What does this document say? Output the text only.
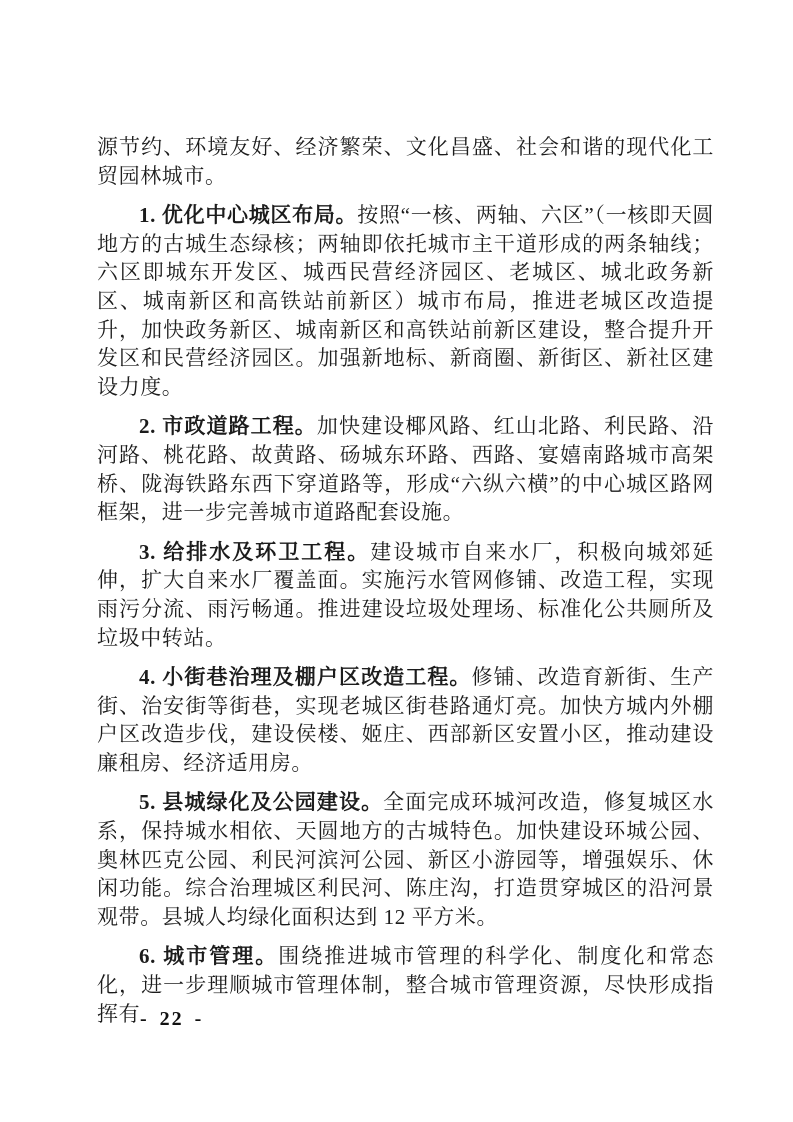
源节约、环境友好、经济繁荣、文化昌盛、社会和谐的现代化工贸园林城市。

1. 优化中心城区布局。按照“一核、两轴、六区”（一核即天圆地方的古城生态绿核；两轴即依托城市主干道形成的两条轴线；六区即城东开发区、城西民营经济园区、老城区、城北政务新区、城南新区和高铁站前新区）城市布局，推进老城区改造提升，加快政务新区、城南新区和高铁站前新区建设，整合提升开发区和民营经济园区。加强新地标、新商圈、新街区、新社区建设力度。

2. 市政道路工程。加快建设椰风路、红山北路、利民路、沿河路、桃花路、故黄路、砀城东环路、西路、宴嬉南路城市高架桥、陇海铁路东西下穿道路等，形成“六纵六横”的中心城区路网框架，进一步完善城市道路配套设施。

3. 给排水及环卫工程。建设城市自来水厂，积极向城郊延伸，扩大自来水厂覆盖面。实施污水管网修铺、改造工程，实现雨污分流、雨污畅通。推进建设垃圾处理场、标准化公共厕所及垃圾中转站。

4. 小街巷治理及棚户区改造工程。修铺、改造育新街、生产街、治安街等街巷，实现老城区街巷路通灯亮。加快方城内外棚户区改造步伐，建设侯楼、姬庄、西部新区安置小区，推动建设廉租房、经济适用房。

5. 县城绿化及公园建设。全面完成环城河改造，修复城区水系，保持城水相依、天圆地方的古城特色。加快建设环城公园、奥林匹克公园、利民河滨河公园、新区小游园等，增强娱乐、休闲功能。综合治理城区利民河、陈庄沟，打造贯穿城区的沿河景观带。县城人均绿化面积达到 12 平方米。

6. 城市管理。围绕推进城市管理的科学化、制度化和常态化，进一步理顺城市管理体制，整合城市管理资源，尽快形成指挥有 - 22 -
